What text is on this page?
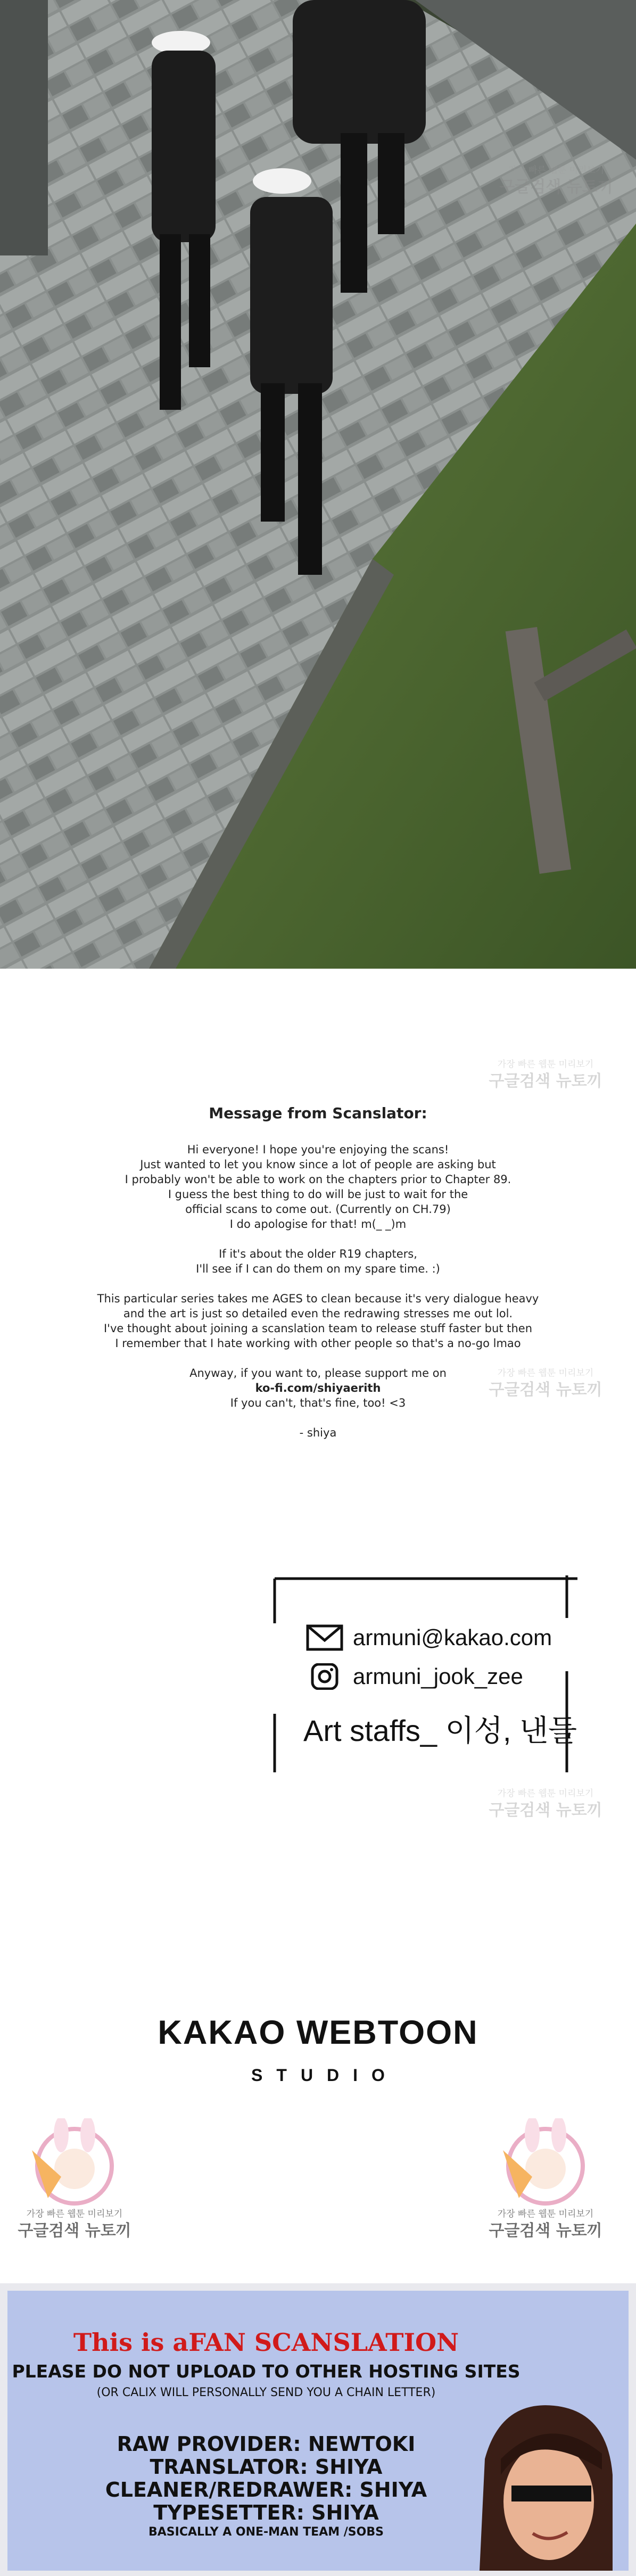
가장 빠른 웹툰 미리보기
구글검색 뉴토끼
가장 빠른 웹툰 미리보기
구글검색 뉴토끼
가장 빠른 웹툰 미리보기
구글검색 뉴토끼
가장 빠른 웹툰 미리보기
구글검색 뉴토끼
가장 빠른 웹툰 미리보기
구글검색 뉴토끼
가장 빠른 웹툰 미리보기
구글검색 뉴토끼
Message from Scanslator:
Hi everyone! I hope you're enjoying the scans!
Just wanted to let you know since a lot of people are asking but
I probably won't be able to work on the chapters prior to Chapter 89.
I guess the best thing to do will be just to wait for the
official scans to come out. (Currently on CH.79)
I do apologise for that! m(_ _)m
If it's about the older R19 chapters,
I'll see if I can do them on my spare time. :)
This particular series takes me AGES to clean because it's very dialogue heavy
and the art is just so detailed even the redrawing stresses me out lol.
I've thought about joining a scanslation team to release stuff faster but then
I remember that I hate working with other people so that's a no-go lmao
Anyway, if you want to, please support me on
ko-fi.com/shiyaerith
If you can't, that's fine, too! <3
- shiya
armuni@kakao.com
armuni_jook_zee
Art staffs_ 이성, 낸들
KAKAO WEBTOON
STUDIO
This is aFAN SCANSLATION
PLEASE DO NOT UPLOAD TO OTHER HOSTING SITES
(OR CALIX WILL PERSONALLY SEND YOU A CHAIN LETTER)
RAW PROVIDER: NEWTOKI
TRANSLATOR: SHIYA
CLEANER/REDRAWER: SHIYA
TYPESETTER: SHIYA
BASICALLY A ONE-MAN TEAM /SOBS
